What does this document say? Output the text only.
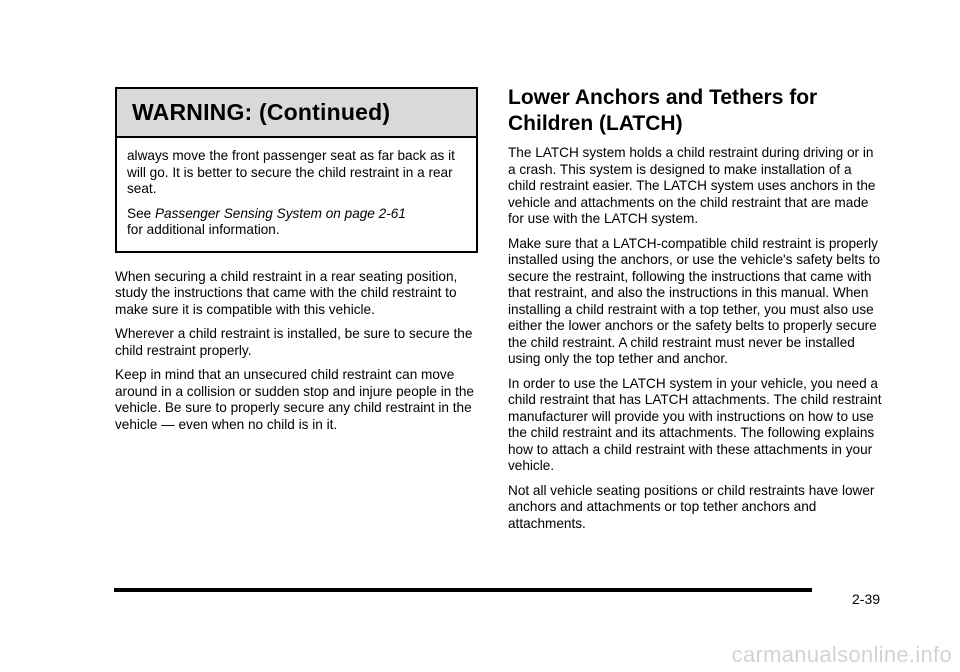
WARNING: (Continued)

always move the front passenger seat as far back as it will go. It is better to secure the child restraint in a rear seat.

See Passenger Sensing System on page 2-61
for additional information.

When securing a child restraint in a rear seating position, study the instructions that came with the child restraint to make sure it is compatible with this vehicle.

Wherever a child restraint is installed, be sure to secure the child restraint properly.

Keep in mind that an unsecured child restraint can move around in a collision or sudden stop and injure people in the vehicle. Be sure to properly secure any child restraint in the vehicle — even when no child is in it.

Lower Anchors and Tethers for
Children (LATCH)

The LATCH system holds a child restraint during driving or in a crash. This system is designed to make installation of a child restraint easier. The LATCH system uses anchors in the vehicle and attachments on the child restraint that are made for use with the LATCH system.

Make sure that a LATCH-compatible child restraint is properly installed using the anchors, or use the vehicle's safety belts to secure the restraint, following the instructions that came with that restraint, and also the instructions in this manual. When installing a child restraint with a top tether, you must also use either the lower anchors or the safety belts to properly secure the child restraint. A child restraint must never be installed using only the top tether and anchor.

In order to use the LATCH system in your vehicle, you need a child restraint that has LATCH attachments. The child restraint manufacturer will provide you with instructions on how to use the child restraint and its attachments. The following explains how to attach a child restraint with these attachments in your vehicle.

Not all vehicle seating positions or child restraints have lower anchors and attachments or top tether anchors and attachments.

2-39
carmanualsonline.info
